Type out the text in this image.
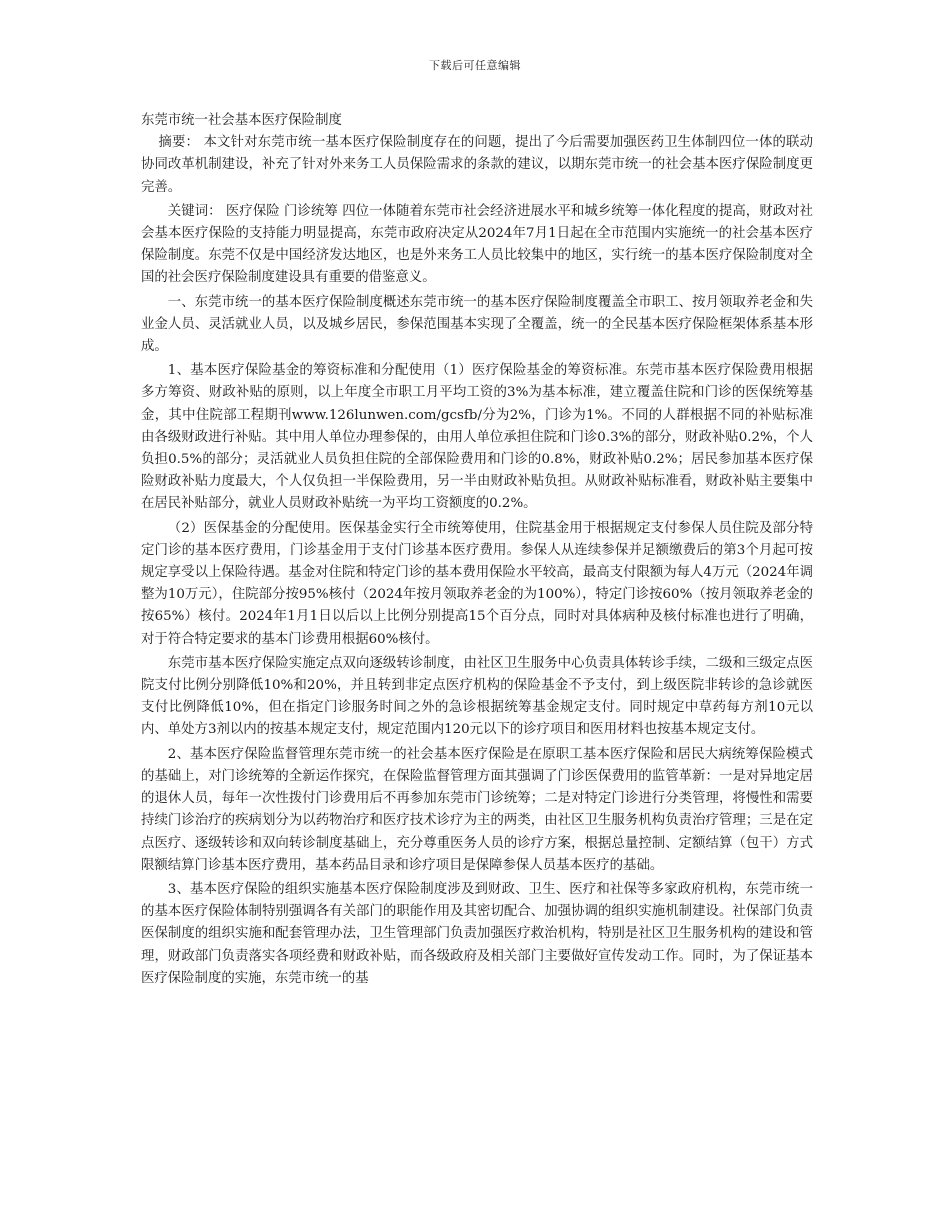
下载后可任意编辑
东莞市统一社会基本医疗保险制度

摘要： 本文针对东莞市统一基本医疗保险制度存在的问题，提出了今后需要加强医药卫生体制四位一体的联动协同改革机制建设，补充了针对外来务工人员保险需求的条款的建议，以期东莞市统一的社会基本医疗保险制度更完善。

关键词： 医疗保险 门诊统筹 四位一体随着东莞市社会经济进展水平和城乡统筹一体化程度的提高，财政对社会基本医疗保险的支持能力明显提高，东莞市政府决定从2024年7月1日起在全市范围内实施统一的社会基本医疗保险制度。东莞不仅是中国经济发达地区，也是外来务工人员比较集中的地区，实行统一的基本医疗保险制度对全国的社会医疗保险制度建设具有重要的借鉴意义。

一、东莞市统一的基本医疗保险制度概述东莞市统一的基本医疗保险制度覆盖全市职工、按月领取养老金和失业金人员、灵活就业人员，以及城乡居民，参保范围基本实现了全覆盖，统一的全民基本医疗保险框架体系基本形成。

1、基本医疗保险基金的筹资标准和分配使用（1）医疗保险基金的筹资标准。东莞市基本医疗保险费用根据多方筹资、财政补贴的原则，以上年度全市职工月平均工资的3%为基本标准，建立覆盖住院和门诊的医保统筹基金，其中住院部工程期刊www.126lunwen.com/gcsfb/分为2%，门诊为1%。不同的人群根据不同的补贴标准由各级财政进行补贴。其中用人单位办理参保的，由用人单位承担住院和门诊0.3%的部分，财政补贴0.2%，个人负担0.5%的部分；灵活就业人员负担住院的全部保险费用和门诊的0.8%，财政补贴0.2%；居民参加基本医疗保险财政补贴力度最大，个人仅负担一半保险费用，另一半由财政补贴负担。从财政补贴标准看，财政补贴主要集中在居民补贴部分，就业人员财政补贴统一为平均工资额度的0.2%。

（2）医保基金的分配使用。医保基金实行全市统筹使用，住院基金用于根据规定支付参保人员住院及部分特定门诊的基本医疗费用，门诊基金用于支付门诊基本医疗费用。参保人从连续参保并足额缴费后的第3个月起可按规定享受以上保险待遇。基金对住院和特定门诊的基本费用保险水平较高，最高支付限额为每人4万元（2024年调整为10万元），住院部分按95%核付（2024年按月领取养老金的为100%），特定门诊按60%（按月领取养老金的按65%）核付。2024年1月1日以后以上比例分别提高15个百分点，同时对具体病种及核付标准也进行了明确，对于符合特定要求的基本门诊费用根据60%核付。

东莞市基本医疗保险实施定点双向逐级转诊制度，由社区卫生服务中心负责具体转诊手续，二级和三级定点医院支付比例分别降低10%和20%，并且转到非定点医疗机构的保险基金不予支付，到上级医院非转诊的急诊就医支付比例降低10%，但在指定门诊服务时间之外的急诊根据统筹基金规定支付。同时规定中草药每方剂10元以内、单处方3剂以内的按基本规定支付，规定范围内120元以下的诊疗项目和医用材料也按基本规定支付。

2、基本医疗保险监督管理东莞市统一的社会基本医疗保险是在原职工基本医疗保险和居民大病统筹保险模式的基础上，对门诊统筹的全新运作探究，在保险监督管理方面其强调了门诊医保费用的监管革新：一是对异地定居的退休人员，每年一次性拨付门诊费用后不再参加东莞市门诊统筹；二是对特定门诊进行分类管理，将慢性和需要持续门诊治疗的疾病划分为以药物治疗和医疗技术诊疗为主的两类，由社区卫生服务机构负责治疗管理；三是在定点医疗、逐级转诊和双向转诊制度基础上，充分尊重医务人员的诊疗方案，根据总量控制、定额结算（包干）方式限额结算门诊基本医疗费用，基本药品目录和诊疗项目是保障参保人员基本医疗的基础。

3、基本医疗保险的组织实施基本医疗保险制度涉及到财政、卫生、医疗和社保等多家政府机构，东莞市统一的基本医疗保险体制特别强调各有关部门的职能作用及其密切配合、加强协调的组织实施机制建设。社保部门负责医保制度的组织实施和配套管理办法，卫生管理部门负责加强医疗救治机构，特别是社区卫生服务机构的建设和管理，财政部门负责落实各项经费和财政补贴，而各级政府及相关部门主要做好宣传发动工作。同时，为了保证基本医疗保险制度的实施，东莞市统一的基
